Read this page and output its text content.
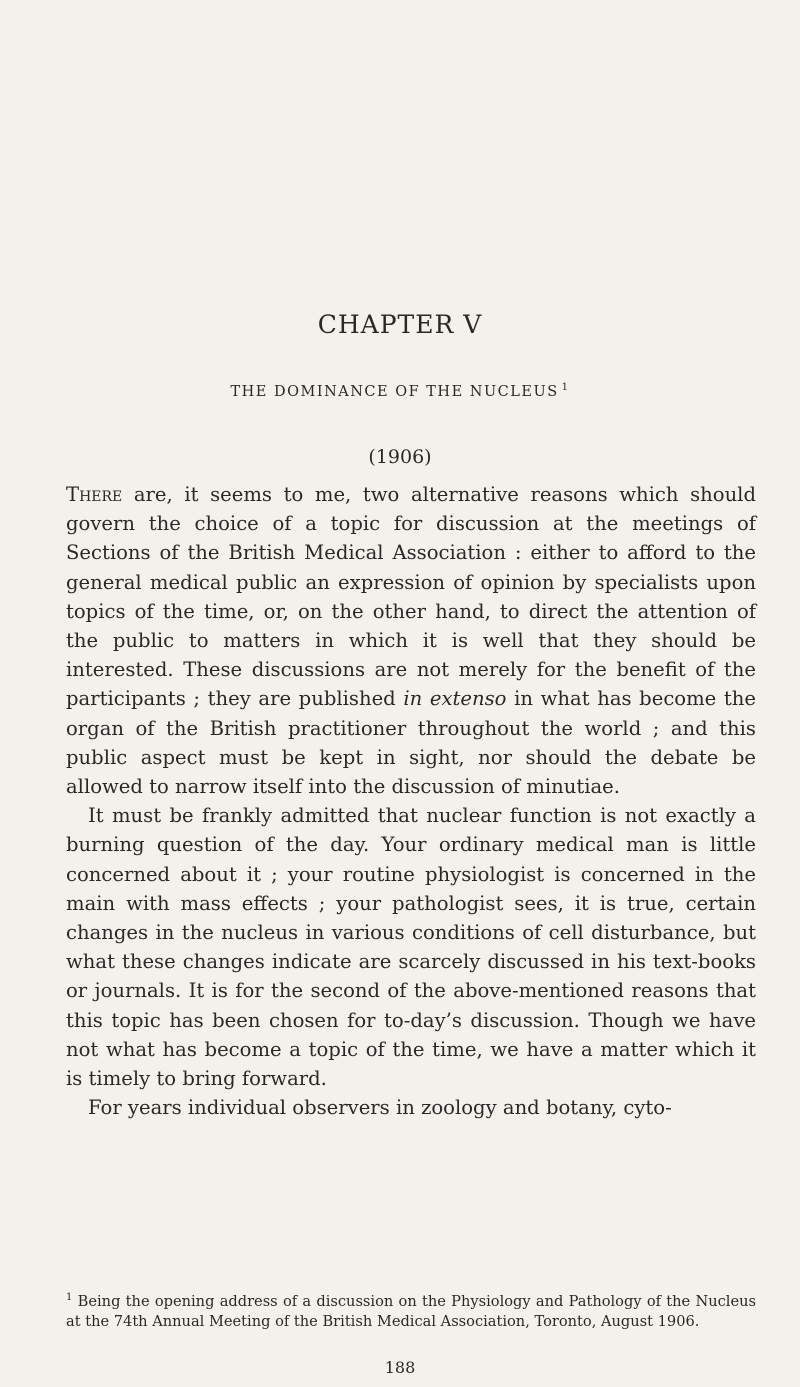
CHAPTER V
THE DOMINANCE OF THE NUCLEUS $^1$
(1906)

There are, it seems to me, two alternative reasons which should govern the choice of a topic for discussion at the meetings of Sections of the British Medical Association : either to afford to the general medical public an expression of opinion by specialists upon topics of the time, or, on the other hand, to direct the attention of the public to matters in which it is well that they should be interested. These discussions are not merely for the benefit of the participants ; they are published in extenso in what has become the organ of the British practitioner throughout the world ; and this public aspect must be kept in sight, nor should the debate be allowed to narrow itself into the discussion of minutiae.

It must be frankly admitted that nuclear function is not exactly a burning question of the day. Your ordinary medical man is little concerned about it ; your routine physiologist is concerned in the main with mass effects ; your pathologist sees, it is true, certain changes in the nucleus in various conditions of cell disturbance, but what these changes indicate are scarcely discussed in his text-books or journals. It is for the second of the above-mentioned reasons that this topic has been chosen for to-day’s discussion. Though we have not what has become a topic of the time, we have a matter which it is timely to bring forward.

For years individual observers in zoology and botany, cyto-

$^1$ Being the opening address of a discussion on the Physiology and Pathology of the Nucleus at the 74th Annual Meeting of the British Medical Association, Toronto, August 1906.
188
